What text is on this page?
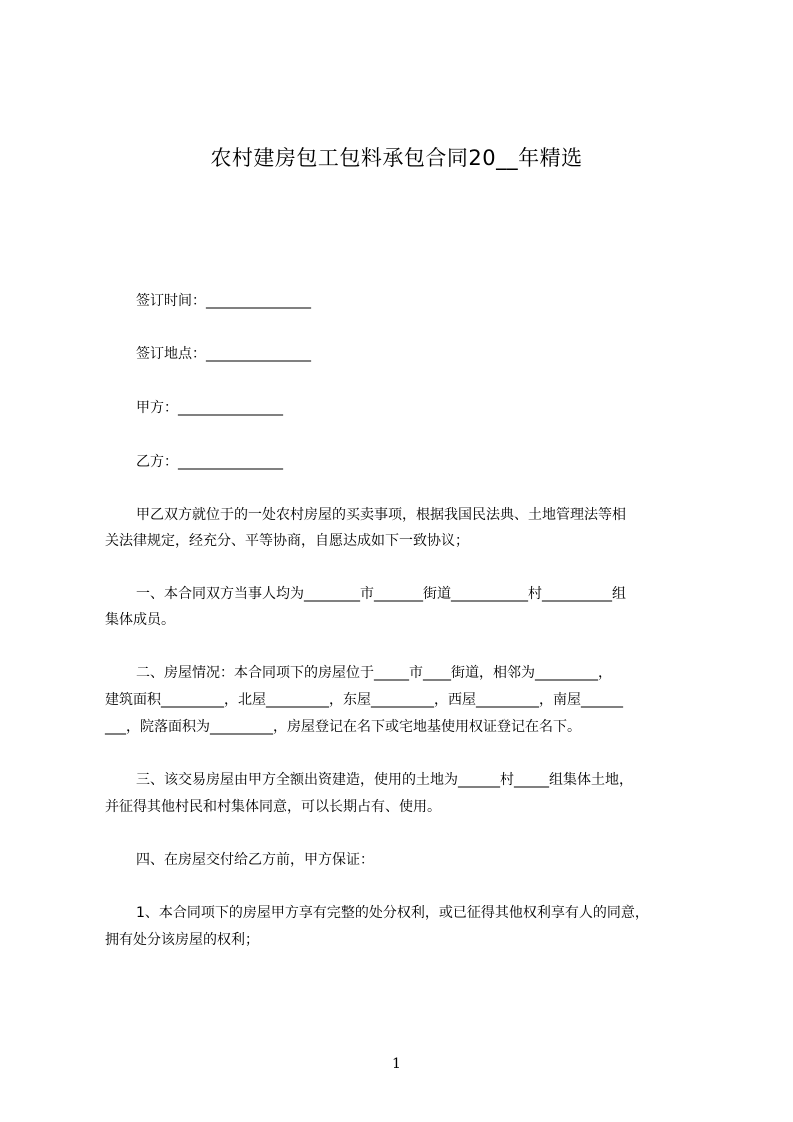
农村建房包工包料承包合同20__年精选

签订时间：_______________

签订地点：_______________

甲方：_______________

乙方：_______________

甲乙双方就位于的一处农村房屋的买卖事项，根据我国民法典、土地管理法等相

关法律规定，经充分、平等协商，自愿达成如下一致协议；

一、本合同双方当事人均为________市_______街道___________村__________组

集体成员。

二、房屋情况：本合同项下的房屋位于_____市____街道，相邻为_________，

建筑面积_________，北屋_________，东屋_________，西屋_________，南屋______

___，院落面积为_________，房屋登记在名下或宅地基使用权证登记在名下。

三、该交易房屋由甲方全额出资建造，使用的土地为______村_____组集体土地，

并征得其他村民和村集体同意，可以长期占有、使用。

四、在房屋交付给乙方前，甲方保证：

1、本合同项下的房屋甲方享有完整的处分权利，或已征得其他权利享有人的同意，

拥有处分该房屋的权利；

1
